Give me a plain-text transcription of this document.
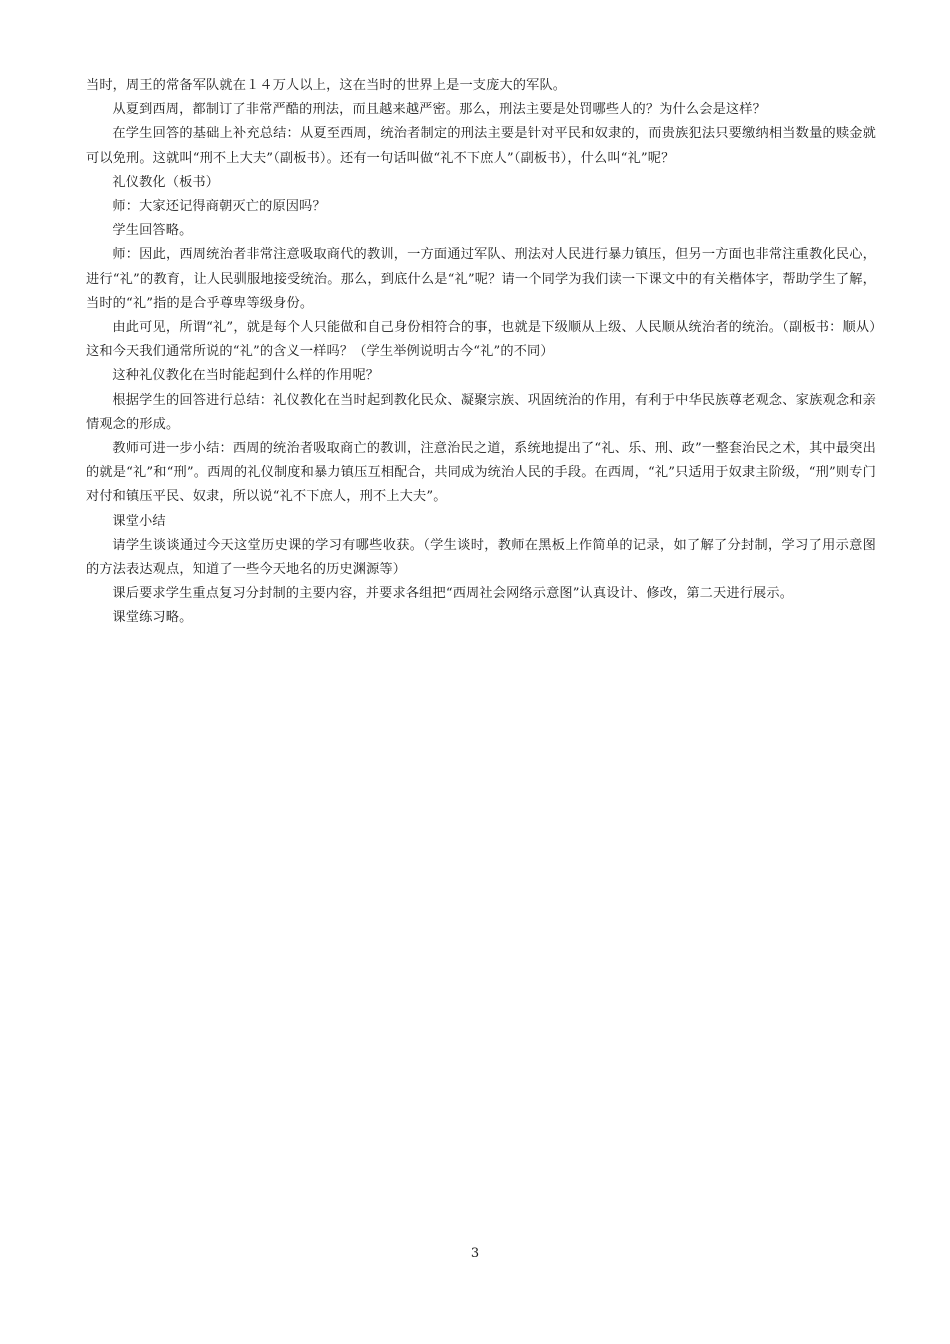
当时，周王的常备军队就在１４万人以上，这在当时的世界上是一支庞大的军队。

从夏到西周，都制订了非常严酷的刑法，而且越来越严密。那么，刑法主要是处罚哪些人的？为什么会是这样？

在学生回答的基础上补充总结：从夏至西周，统治者制定的刑法主要是针对平民和奴隶的，而贵族犯法只要缴纳相当数量的赎金就可以免刑。这就叫“刑不上大夫”（副板书）。还有一句话叫做“礼不下庶人”（副板书），什么叫“礼”呢？

礼仪教化（板书）

师：大家还记得商朝灭亡的原因吗？

学生回答略。

师：因此，西周统治者非常注意吸取商代的教训，一方面通过军队、刑法对人民进行暴力镇压，但另一方面也非常注重教化民心，进行“礼”的教育，让人民驯服地接受统治。那么，到底什么是“礼”呢？请一个同学为我们读一下课文中的有关楷体字，帮助学生了解，当时的“礼”指的是合乎尊卑等级身份。

由此可见，所谓“礼”，就是每个人只能做和自己身份相符合的事，也就是下级顺从上级、人民顺从统治者的统治。（副板书：顺从）这和今天我们通常所说的“礼”的含义一样吗？（学生举例说明古今“礼”的不同）

这种礼仪教化在当时能起到什么样的作用呢？

根据学生的回答进行总结：礼仪教化在当时起到教化民众、凝聚宗族、巩固统治的作用，有利于中华民族尊老观念、家族观念和亲情观念的形成。

教师可进一步小结：西周的统治者吸取商亡的教训，注意治民之道，系统地提出了“礼、乐、刑、政”一整套治民之术，其中最突出的就是“礼”和“刑”。西周的礼仪制度和暴力镇压互相配合，共同成为统治人民的手段。在西周，“礼”只适用于奴隶主阶级，“刑”则专门对付和镇压平民、奴隶，所以说“礼不下庶人，刑不上大夫”。

课堂小结

请学生谈谈通过今天这堂历史课的学习有哪些收获。（学生谈时，教师在黑板上作简单的记录，如了解了分封制，学习了用示意图的方法表达观点，知道了一些今天地名的历史渊源等）

课后要求学生重点复习分封制的主要内容，并要求各组把“西周社会网络示意图”认真设计、修改，第二天进行展示。

课堂练习略。

3
